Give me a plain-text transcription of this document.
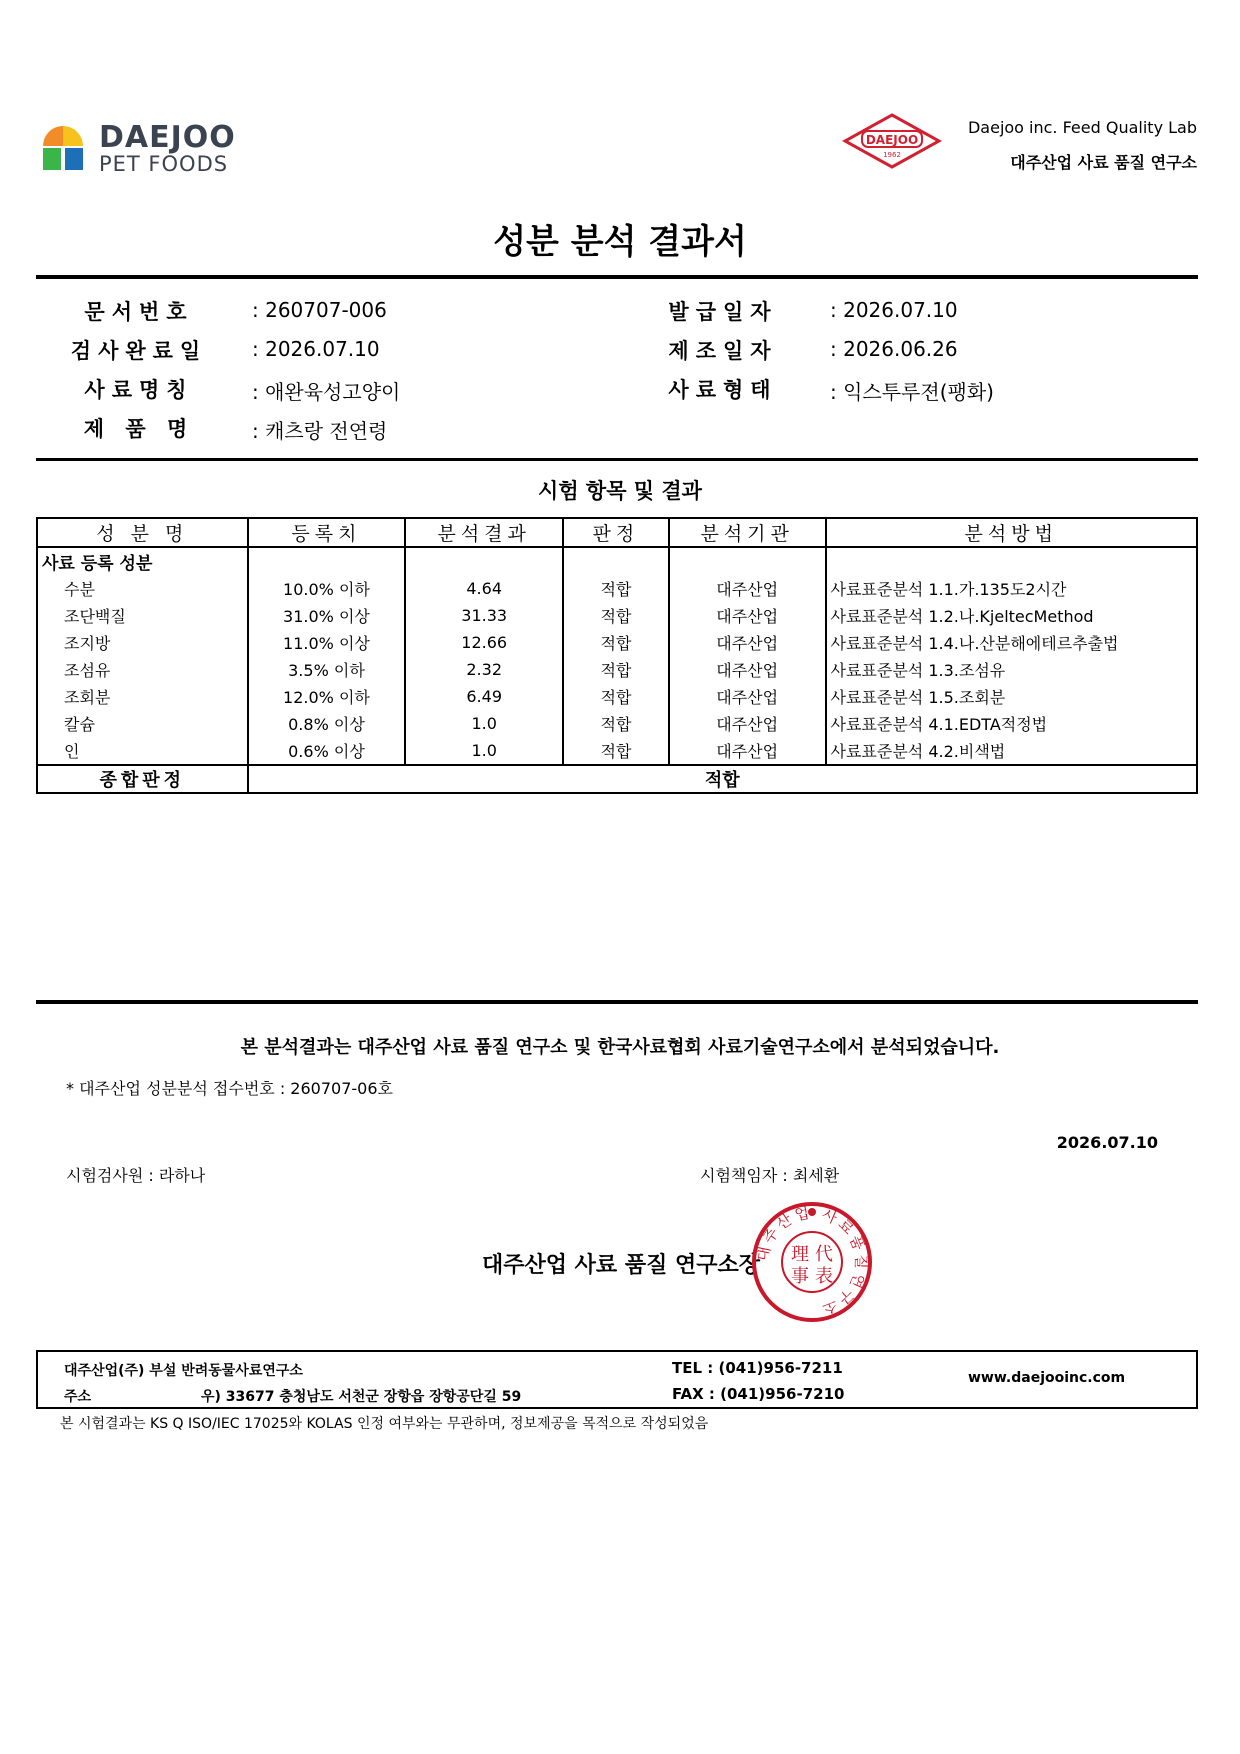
DAEJOO
PET FOODS
DAEJOO
1962
Daejoo inc. Feed Quality Lab
대주산업 사료 품질 연구소
성분 분석 결과서
문서번호	: 260707-006	발급일자	: 2026.07.10
검사완료일	: 2026.07.10	제조일자	: 2026.06.26
사료명칭	: 애완육성고양이	사료형태	: 익스투루젼(팽화)
제 품 명	: 캐츠랑 전연령
시험 항목 및 결과
성 분 명	등록치	분석결과	판정	분석기관	분석방법
사료 등록 성분					
수분	10.0% 이하	4.64	적합	대주산업	사료표준분석 1.1.가.135도2시간
조단백질	31.0% 이상	31.33	적합	대주산업	사료표준분석 1.2.나.KjeltecMethod
조지방	11.0% 이상	12.66	적합	대주산업	사료표준분석 1.4.나.산분해에테르추출법
조섬유	3.5% 이하	2.32	적합	대주산업	사료표준분석 1.3.조섬유
조회분	12.0% 이하	6.49	적합	대주산업	사료표준분석 1.5.조회분
칼슘	0.8% 이상	1.0	적합	대주산업	사료표준분석 4.1.EDTA적정법
인	0.6% 이상	1.0	적합	대주산업	사료표준분석 4.2.비색법
종합판정	적합				
본 분석결과는 대주산업 사료 품질 연구소 및 한국사료협회 사료기술연구소에서 분석되었습니다.
* 대주산업 성분분석 접수번호 : 260707-06호
2026.07.10
시험검사원 : 라하나	시험책임자 : 최세환
대주산업 사료 품질 연구소장
대주산업 사료품질연구소
理 代
事 表
대주산업(주) 부설 반려동물사료연구소
주소	우) 33677 충청남도 서천군 장항읍 장항공단길 59
TEL : (041)956-7211
FAX : (041)956-7210
www.daejooinc.com
본 시험결과는 KS Q ISO/IEC 17025와 KOLAS 인정 여부와는 무관하며, 정보제공을 목적으로 작성되었음
